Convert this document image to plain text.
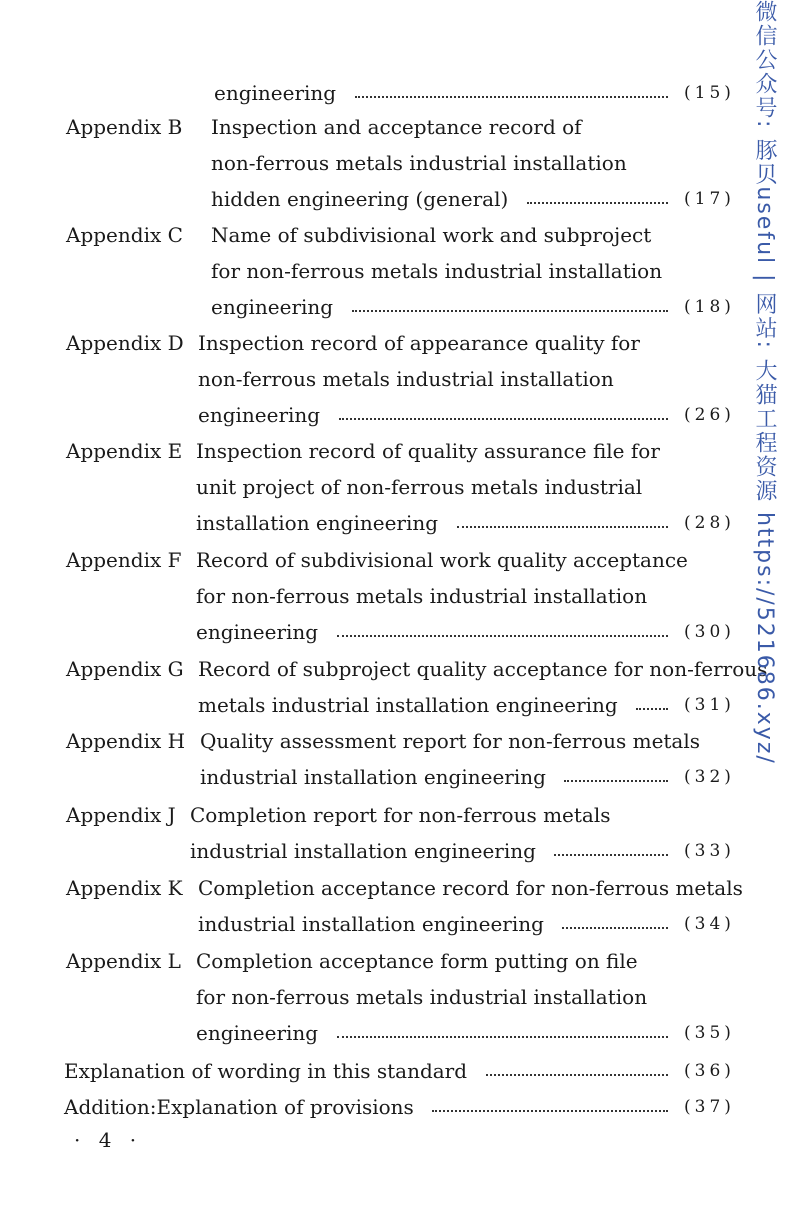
engineering	(15)
Appendix B Inspection and acceptance record of
non-ferrous metals industrial installation
hidden engineering (general)	(17)
Appendix C Name of subdivisional work and subproject
for non-ferrous metals industrial installation
engineering	(18)
Appendix D Inspection record of appearance quality for
non-ferrous metals industrial installation
engineering	(26)
Appendix E Inspection record of quality assurance file for
unit project of non-ferrous metals industrial
installation engineering	(28)
Appendix F Record of subdivisional work quality acceptance
for non-ferrous metals industrial installation
engineering	(30)
Appendix G Record of subproject quality acceptance for non-ferrous
metals industrial installation engineering	(31)
Appendix H Quality assessment report for non-ferrous metals
industrial installation engineering	(32)
Appendix J Completion report for non-ferrous metals
industrial installation engineering	(33)
Appendix K Completion acceptance record for non-ferrous metals
industrial installation engineering	(34)
Appendix L Completion acceptance form putting on file
for non-ferrous metals industrial installation
engineering	(35)
Explanation of wording in this standard	(36)
Addition:Explanation of provisions	(37)
· 4 ·
微信公众号: 豚贝useful | 网站: 大猫工程资源 https://521686.xyz/
